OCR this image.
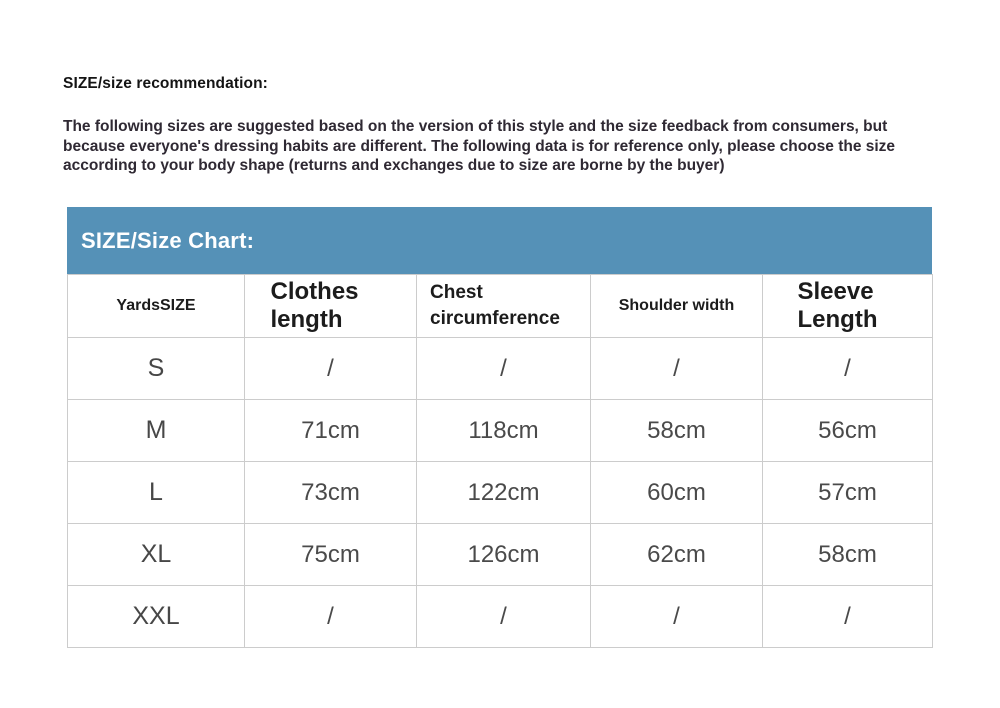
SIZE/size recommendation:

The following sizes are suggested based on the version of this style and the size feedback from consumers, but because everyone's dressing habits are different. The following data is for reference only, please choose the size according to your body shape (returns and exchanges due to size are borne by the buyer)

SIZE/Size Chart:
YardsSIZE	Clothes length	Chest circumference	Shoulder width	Sleeve Length
S	/	/	/	/
M	71cm	118cm	58cm	56cm
L	73cm	122cm	60cm	57cm
XL	75cm	126cm	62cm	58cm
XXL	/	/	/	/
